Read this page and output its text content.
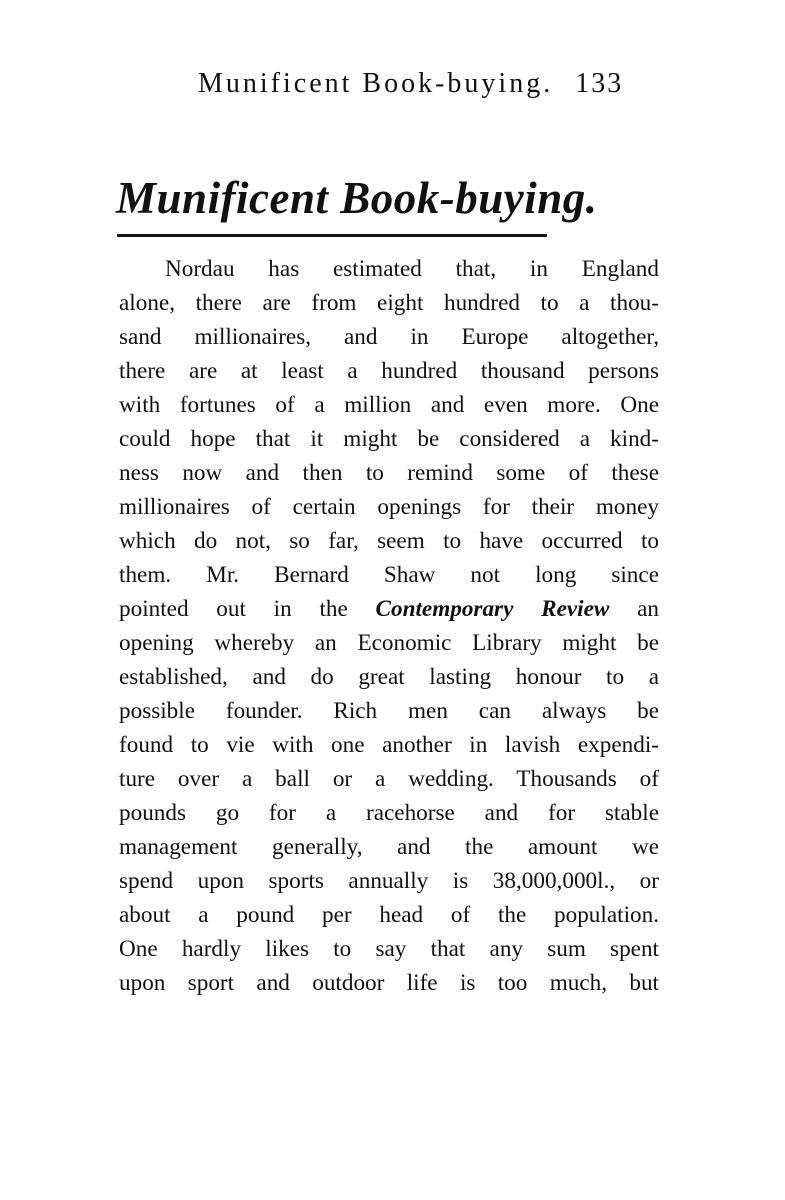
Munificent Book-buying. 133
Munificent Book-buying.
Nordau has estimated that, in England
alone, there are from eight hundred to a thou-
sand millionaires, and in Europe altogether,
there are at least a hundred thousand persons
with fortunes of a million and even more. One
could hope that it might be considered a kind-
ness now and then to remind some of these
millionaires of certain openings for their money
which do not, so far, seem to have occurred to
them. Mr. Bernard Shaw not long since
pointed out in the Contemporary Review an
opening whereby an Economic Library might be
established, and do great lasting honour to a
possible founder. Rich men can always be
found to vie with one another in lavish expendi-
ture over a ball or a wedding. Thousands of
pounds go for a racehorse and for stable
management generally, and the amount we
spend upon sports annually is 38,000,000l., or
about a pound per head of the population.
One hardly likes to say that any sum spent
upon sport and outdoor life is too much, but
